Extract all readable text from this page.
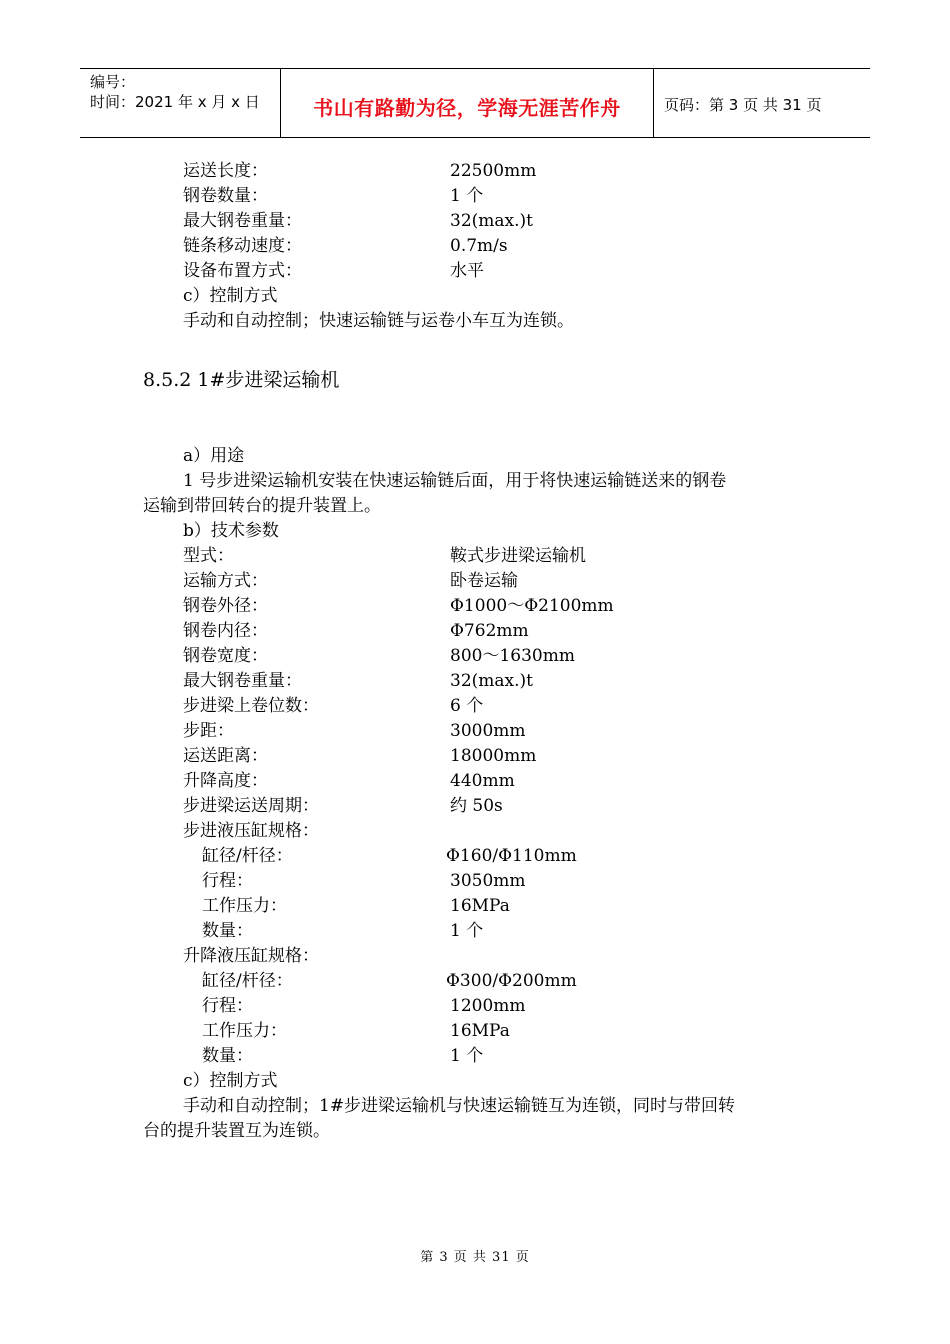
编号：
时间：2021 年 x 月 x 日	书山有路勤为径，学海无涯苦作舟	页码：第 3 页 共 31 页
运送长度：	22500mm
钢卷数量：	1 个
最大钢卷重量：	32(max.)t
链条移动速度：	0.7m/s
设备布置方式：	水平
c）控制方式
手动和自动控制；快速运输链与运卷小车互为连锁。
8.5.2 1#步进梁运输机
a）用途
1 号步进梁运输机安装在快速运输链后面，用于将快速运输链送来的钢卷
运输到带回转台的提升装置上。
b）技术参数
型式：	鞍式步进梁运输机
运输方式：	卧卷运输
钢卷外径：	Φ1000～Φ2100mm
钢卷内径：	Φ762mm
钢卷宽度：	800～1630mm
最大钢卷重量：	32(max.)t
步进梁上卷位数：	6 个
步距：	3000mm
运送距离：	18000mm
升降高度：	440mm
步进梁运送周期：	约 50s
步进液压缸规格：
缸径/杆径：	Φ160/Φ110mm
行程：	3050mm
工作压力：	16MPa
数量：	1 个
升降液压缸规格：
缸径/杆径：	Φ300/Φ200mm
行程：	1200mm
工作压力：	16MPa
数量：	1 个
c）控制方式
手动和自动控制；1#步进梁运输机与快速运输链互为连锁，同时与带回转
台的提升装置互为连锁。
第 3 页 共 31 页
